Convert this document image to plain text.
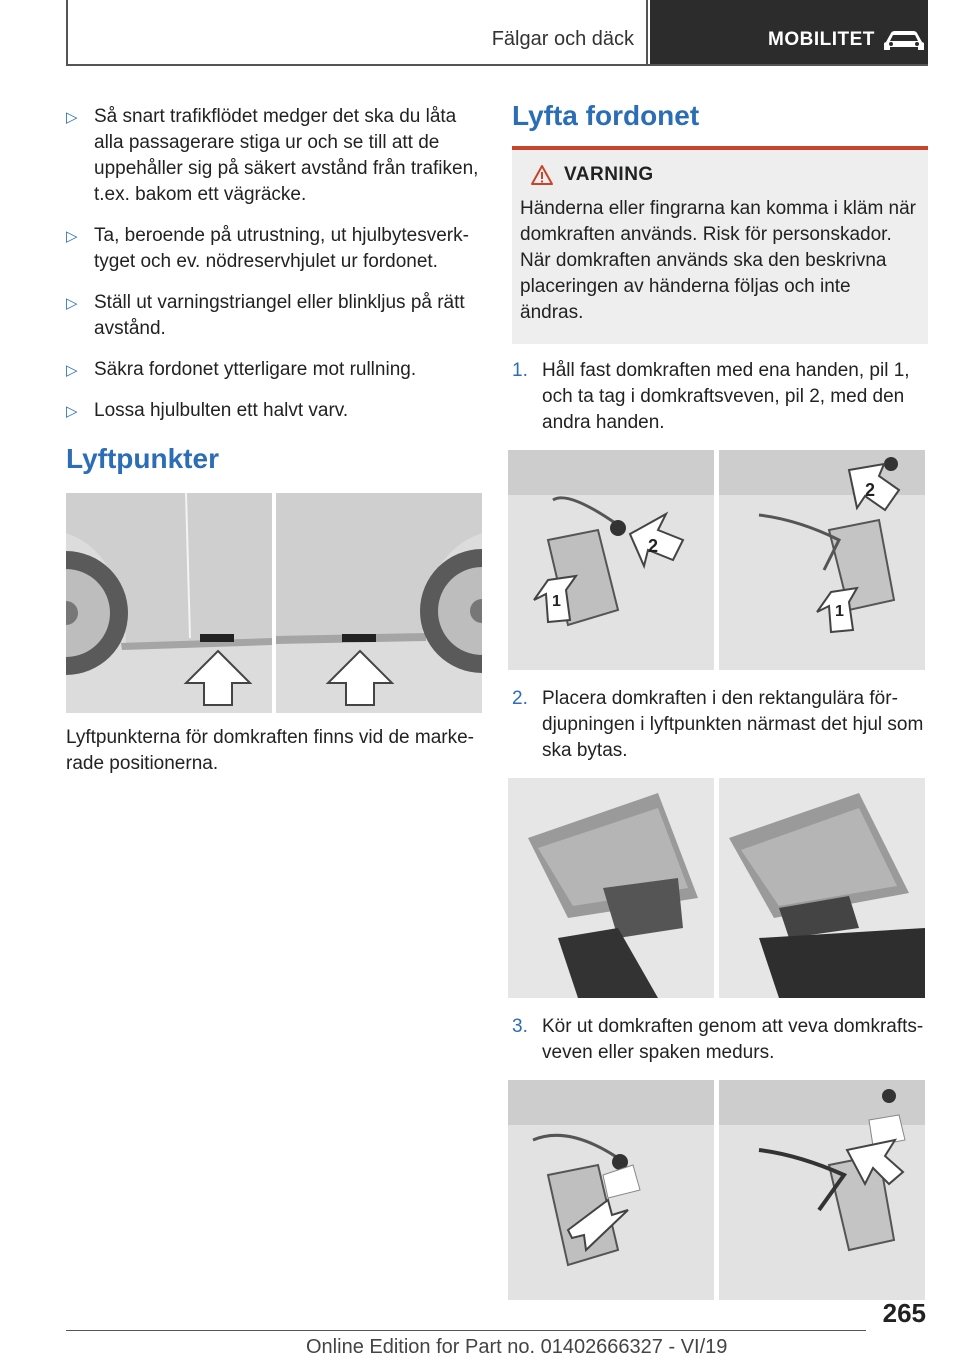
Fälgar och däck	MOBILITET
▷ Så snart trafikflödet medger det ska du låta alla passagerare stiga ur och se till att de uppehåller sig på säkert avstånd från trafiken, t.ex. bakom ett vägräcke.
▷ Ta, beroende på utrustning, ut hjulbytesverktyget och ev. nödreservhjulet ur fordonet.
▷ Ställ ut varningstriangel eller blinkljus på rätt avstånd.
▷ Säkra fordonet ytterligare mot rullning.
▷ Lossa hjulbulten ett halvt varv.
Lyftpunkter
Lyftpunkterna för domkraften finns vid de markerade positionerna.
Lyfta fordonet
VARNING

Händerna eller fingrarna kan komma i kläm när domkraften används. Risk för personskador. När domkraften används ska den beskrivna placeringen av händerna följas och inte ändras.

1. Håll fast domkraften med ena handen, pil 1, och ta tag i domkraftsveven, pil 2, med den andra handen.
2
1
2
1
2. Placera domkraften i den rektangulära fördjupningen i lyftpunkten närmast det hjul som ska bytas.
3. Kör ut domkraften genom att veva domkraftsveven eller spaken medurs.
265
Online Edition for Part no. 01402666327 - VI/19
